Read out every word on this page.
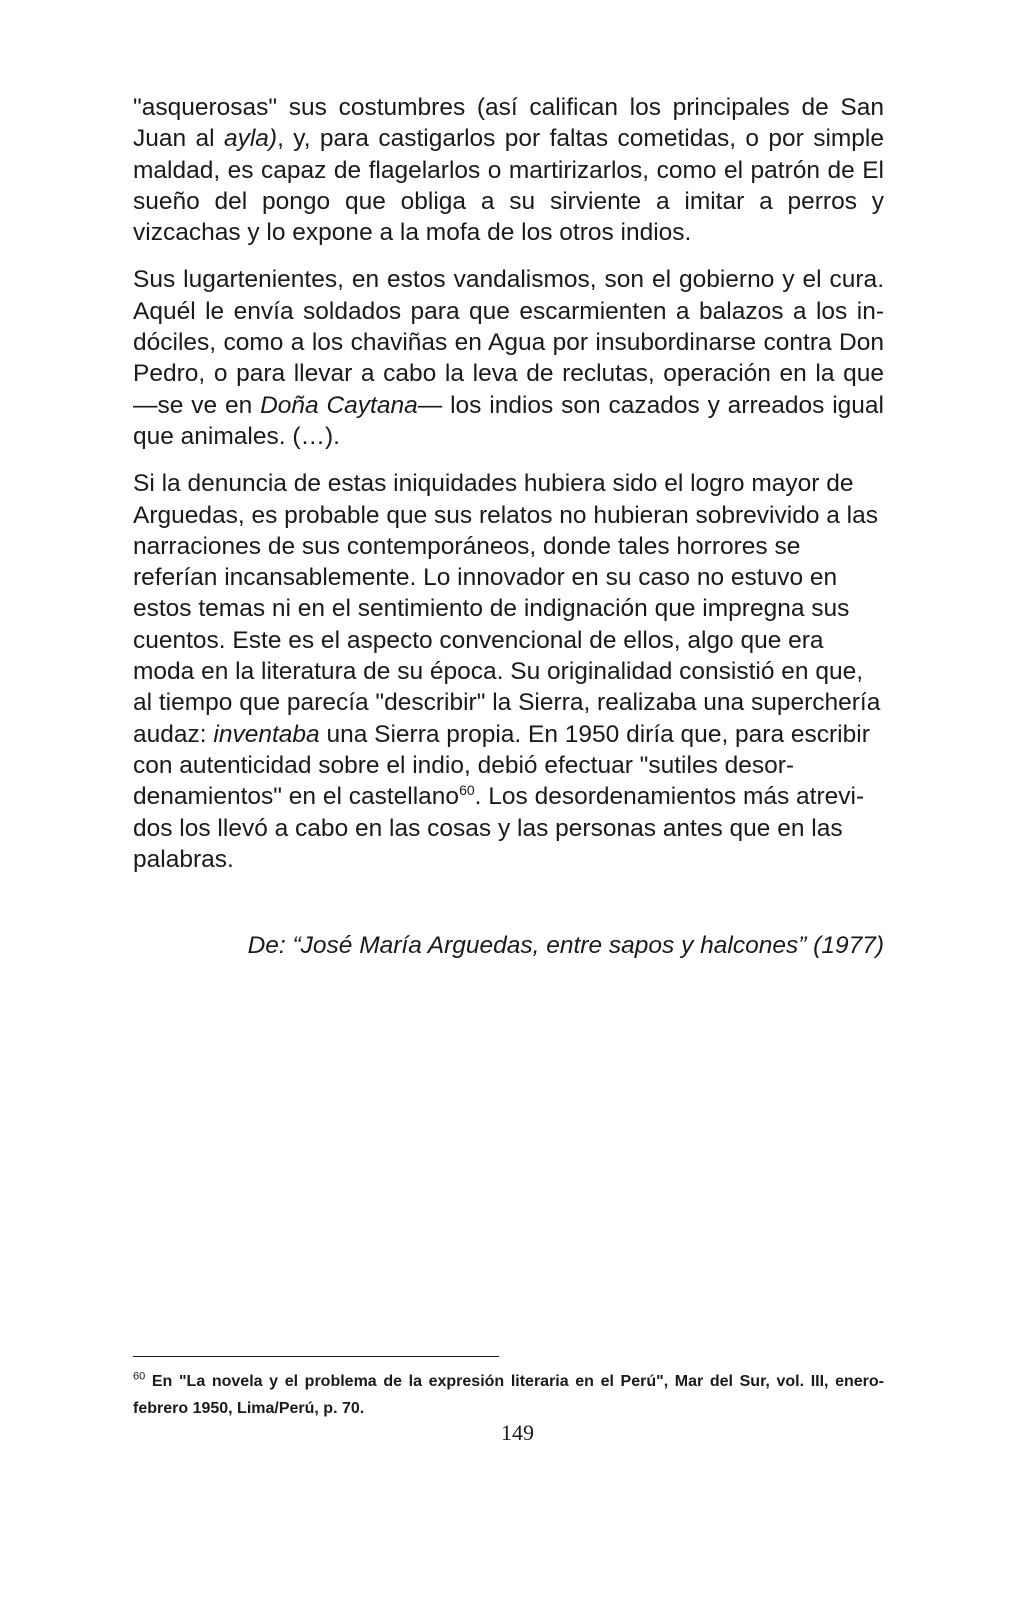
"asquerosas" sus costumbres (así califican los principales de San Juan al ayla), y, para castigarlos por faltas cometidas, o por simple maldad, es capaz de flagelarlos o martirizarlos, como el patrón de El sueño del pongo que obliga a su sirviente a imitar a perros y vizcachas y lo expone a la mofa de los otros indios.

Sus lugartenientes, en estos vandalismos, son el gobierno y el cura. Aquél le envía soldados para que escarmienten a balazos a los indóciles, como a los chaviñas en Agua por insubordinarse contra Don Pedro, o para llevar a cabo la leva de reclutas, operación en la que —se ve en Doña Caytana— los indios son cazados y arreados igual que animales. (…).

Si la denuncia de estas iniquidades hubiera sido el logro mayor de Arguedas, es probable que sus relatos no hubieran sobrevivido a las narraciones de sus contemporáneos, donde tales horrores se referían incansablemente. Lo innovador en su caso no estuvo en estos temas ni en el sentimiento de indignación que impregna sus cuentos. Este es el aspecto convencional de ellos, algo que era moda en la literatura de su época. Su originalidad consistió en que, al tiempo que parecía "describir" la Sierra, realizaba una superchería audaz: inventaba una Sierra propia. En 1950 diría que, para escribir con autenticidad sobre el indio, debió efectuar "sutiles desordenamientos" en el castellano$^{60}$. Los desordenamientos más atrevidos los llevó a cabo en las cosas y las personas antes que en las palabras.

De: “José María Arguedas, entre sapos y halcones” (1977)
$^{60}$ En "La novela y el problema de la expresión literaria en el Perú", Mar del Sur, vol. III, enero-febrero 1950, Lima/Perú, p. 70.
149
